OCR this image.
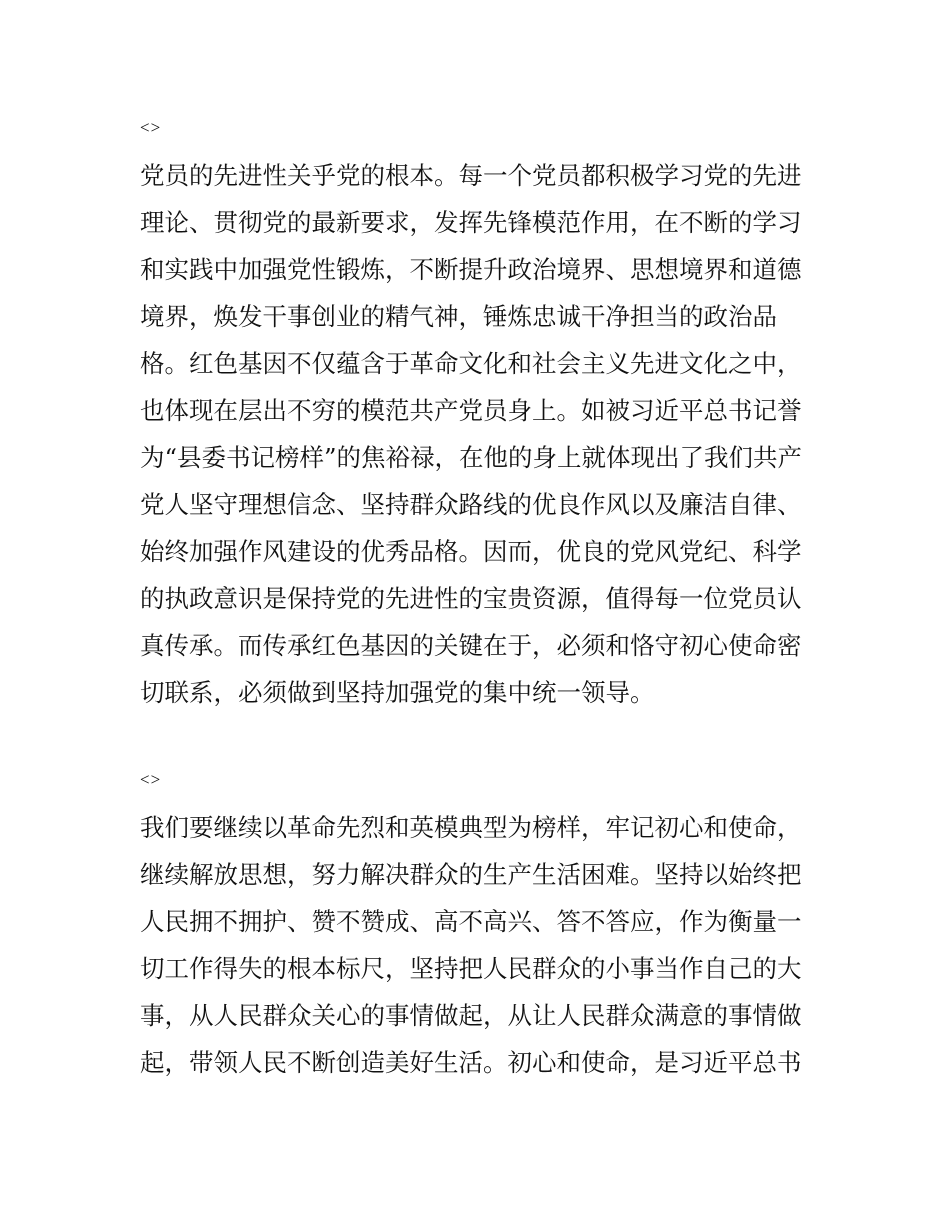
<>
党员的先进性关乎党的根本。每一个党员都积极学习党的先进
理论、贯彻党的最新要求，发挥先锋模范作用，在不断的学习
和实践中加强党性锻炼，不断提升政治境界、思想境界和道德
境界，焕发干事创业的精气神，锤炼忠诚干净担当的政治品
格。红色基因不仅蕴含于革命文化和社会主义先进文化之中，
也体现在层出不穷的模范共产党员身上。如被习近平总书记誉
为“县委书记榜样”的焦裕禄，在他的身上就体现出了我们共产
党人坚守理想信念、坚持群众路线的优良作风以及廉洁自律、
始终加强作风建设的优秀品格。因而，优良的党风党纪、科学
的执政意识是保持党的先进性的宝贵资源，值得每一位党员认
真传承。而传承红色基因的关键在于，必须和恪守初心使命密
切联系，必须做到坚持加强党的集中统一领导。
<>
我们要继续以革命先烈和英模典型为榜样，牢记初心和使命，
继续解放思想，努力解决群众的生产生活困难。坚持以始终把
人民拥不拥护、赞不赞成、高不高兴、答不答应，作为衡量一
切工作得失的根本标尺，坚持把人民群众的小事当作自己的大
事，从人民群众关心的事情做起，从让人民群众满意的事情做
起，带领人民不断创造美好生活。初心和使命，是习近平总书
